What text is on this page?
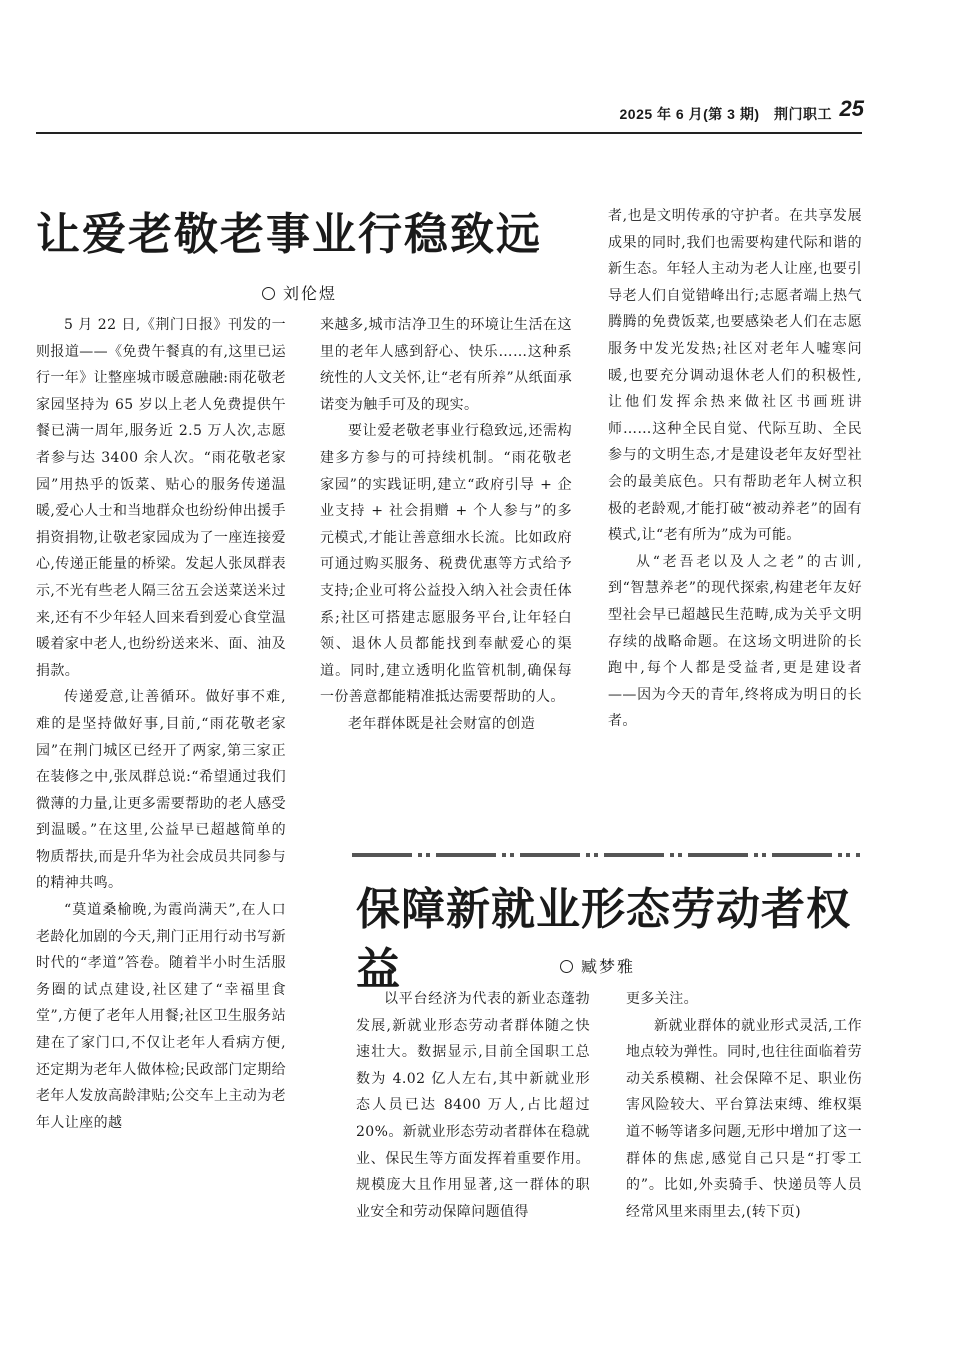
2025 年 6 月(第 3 期)　荆门职工 25
让爱老敬老事业行稳致远
刘伦煜

5 月 22 日,《荆门日报》刊发的一则报道——《免费午餐真的有,这里已运行一年》让整座城市暖意融融:雨花敬老家园坚持为 65 岁以上老人免费提供午餐已满一周年,服务近 2.5 万人次,志愿者参与达 3400 余人次。“雨花敬老家园”用热乎的饭菜、贴心的服务传递温暖,爱心人士和当地群众也纷纷伸出援手捐资捐物,让敬老家园成为了一座连接爱心,传递正能量的桥梁。发起人张凤群表示,不光有些老人隔三岔五会送菜送米过来,还有不少年轻人回来看到爱心食堂温暖着家中老人,也纷纷送来米、面、油及捐款。

传递爱意,让善循环。做好事不难,难的是坚持做好事,目前,“雨花敬老家园”在荆门城区已经开了两家,第三家正在装修之中,张凤群总说:“希望通过我们微薄的力量,让更多需要帮助的老人感受到温暖。”在这里,公益早已超越简单的物质帮扶,而是升华为社会成员共同参与的精神共鸣。

“莫道桑榆晚,为霞尚满天”,在人口老龄化加剧的今天,荆门正用行动书写新时代的“孝道”答卷。随着半小时生活服务圈的试点建设,社区建了“幸福里食堂”,方便了老年人用餐;社区卫生服务站建在了家门口,不仅让老年人看病方便,还定期为老年人做体检;民政部门定期给老年人发放高龄津贴;公交车上主动为老年人让座的越

来越多,城市洁净卫生的环境让生活在这里的老年人感到舒心、快乐……这种系统性的人文关怀,让“老有所养”从纸面承诺变为触手可及的现实。

要让爱老敬老事业行稳致远,还需构建多方参与的可持续机制。“雨花敬老家园”的实践证明,建立“政府引导 + 企业支持 + 社会捐赠 + 个人参与”的多元模式,才能让善意细水长流。比如政府可通过购买服务、税费优惠等方式给予支持;企业可将公益投入纳入社会责任体系;社区可搭建志愿服务平台,让年轻白领、退休人员都能找到奉献爱心的渠道。同时,建立透明化监管机制,确保每一份善意都能精准抵达需要帮助的人。

老年群体既是社会财富的创造

者,也是文明传承的守护者。在共享发展成果的同时,我们也需要构建代际和谐的新生态。年轻人主动为老人让座,也要引导老人们自觉错峰出行;志愿者端上热气腾腾的免费饭菜,也要感染老人们在志愿服务中发光发热;社区对老年人嘘寒问暖,也要充分调动退休老人们的积极性,让他们发挥余热来做社区书画班讲师……这种全民自觉、代际互助、全民参与的文明生态,才是建设老年友好型社会的最美底色。只有帮助老年人树立积极的老龄观,才能打破“被动养老”的固有模式,让“老有所为”成为可能。

从“老吾老以及人之老”的古训,到“智慧养老”的现代探索,构建老年友好型社会早已超越民生范畴,成为关乎文明存续的战略命题。在这场文明进阶的长跑中,每个人都是受益者,更是建设者——因为今天的青年,终将成为明日的长者。

保障新就业形态劳动者权益	臧梦雅

以平台经济为代表的新业态蓬勃发展,新就业形态劳动者群体随之快速壮大。数据显示,目前全国职工总数为 4.02 亿人左右,其中新就业形态人员已达 8400 万人,占比超过 20%。新就业形态劳动者群体在稳就业、保民生等方面发挥着重要作用。规模庞大且作用显著,这一群体的职业安全和劳动保障问题值得

更多关注。

新就业群体的就业形式灵活,工作地点较为弹性。同时,也往往面临着劳动关系模糊、社会保障不足、职业伤害风险较大、平台算法束缚、维权渠道不畅等诸多问题,无形中增加了这一群体的焦虑,感觉自己只是“打零工的”。比如,外卖骑手、快递员等人员经常风里来雨里去,(转下页)
